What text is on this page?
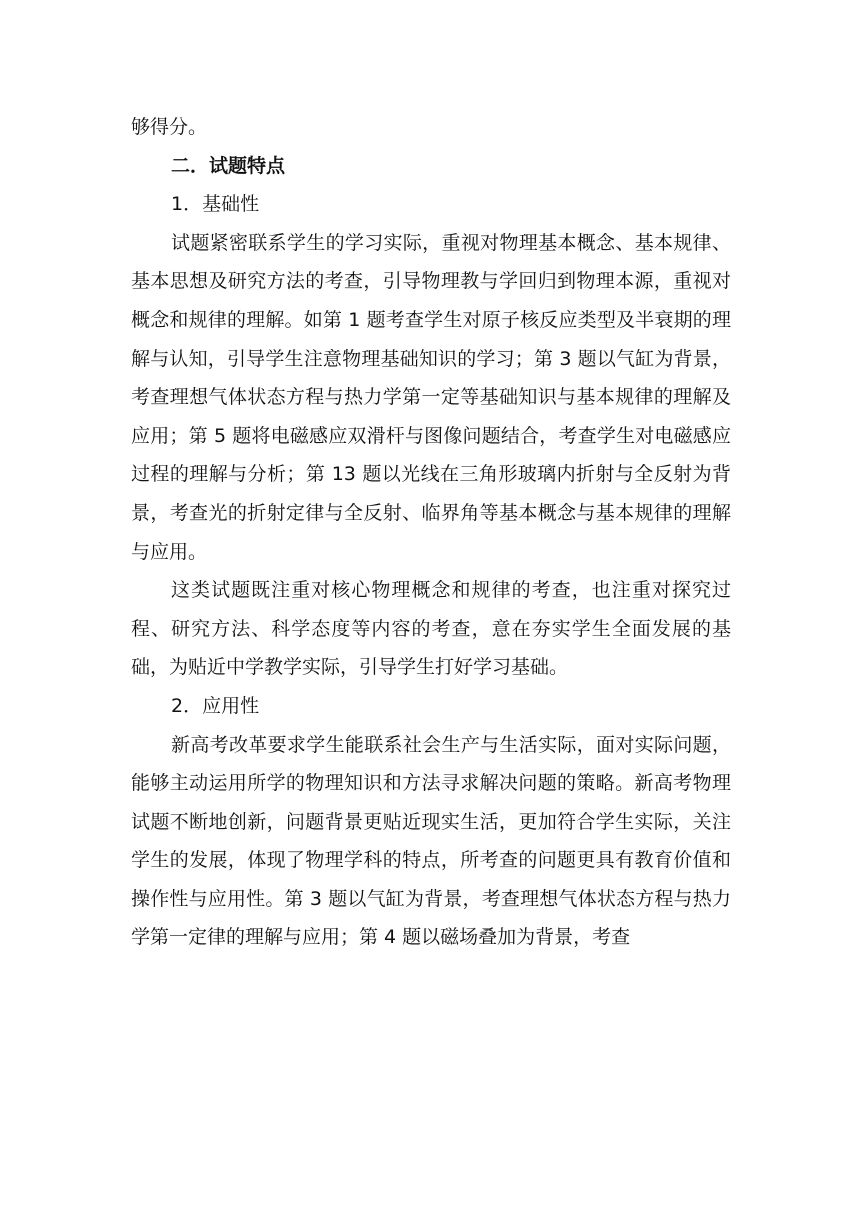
够得分。

二．试题特点

1．基础性

试题紧密联系学生的学习实际，重视对物理基本概念、基本规律、基本思想及研究方法的考查，引导物理教与学回归到物理本源，重视对概念和规律的理解。如第 1 题考查学生对原子核反应类型及半衰期的理解与认知，引导学生注意物理基础知识的学习；第 3 题以气缸为背景，考查理想气体状态方程与热力学第一定等基础知识与基本规律的理解及应用；第 5 题将电磁感应双滑杆与图像问题结合，考查学生对电磁感应过程的理解与分析；第 13 题以光线在三角形玻璃内折射与全反射为背景，考查光的折射定律与全反射、临界角等基本概念与基本规律的理解与应用。

这类试题既注重对核心物理概念和规律的考查，也注重对探究过程、研究方法、科学态度等内容的考查，意在夯实学生全面发展的基础，为贴近中学教学实际，引导学生打好学习基础。

2．应用性

新高考改革要求学生能联系社会生产与生活实际，面对实际问题，能够主动运用所学的物理知识和方法寻求解决问题的策略。新高考物理试题不断地创新，问题背景更贴近现实生活，更加符合学生实际，关注学生的发展，体现了物理学科的特点，所考查的问题更具有教育价值和操作性与应用性。第 3 题以气缸为背景，考查理想气体状态方程与热力学第一定律的理解与应用；第 4 题以磁场叠加为背景，考查
